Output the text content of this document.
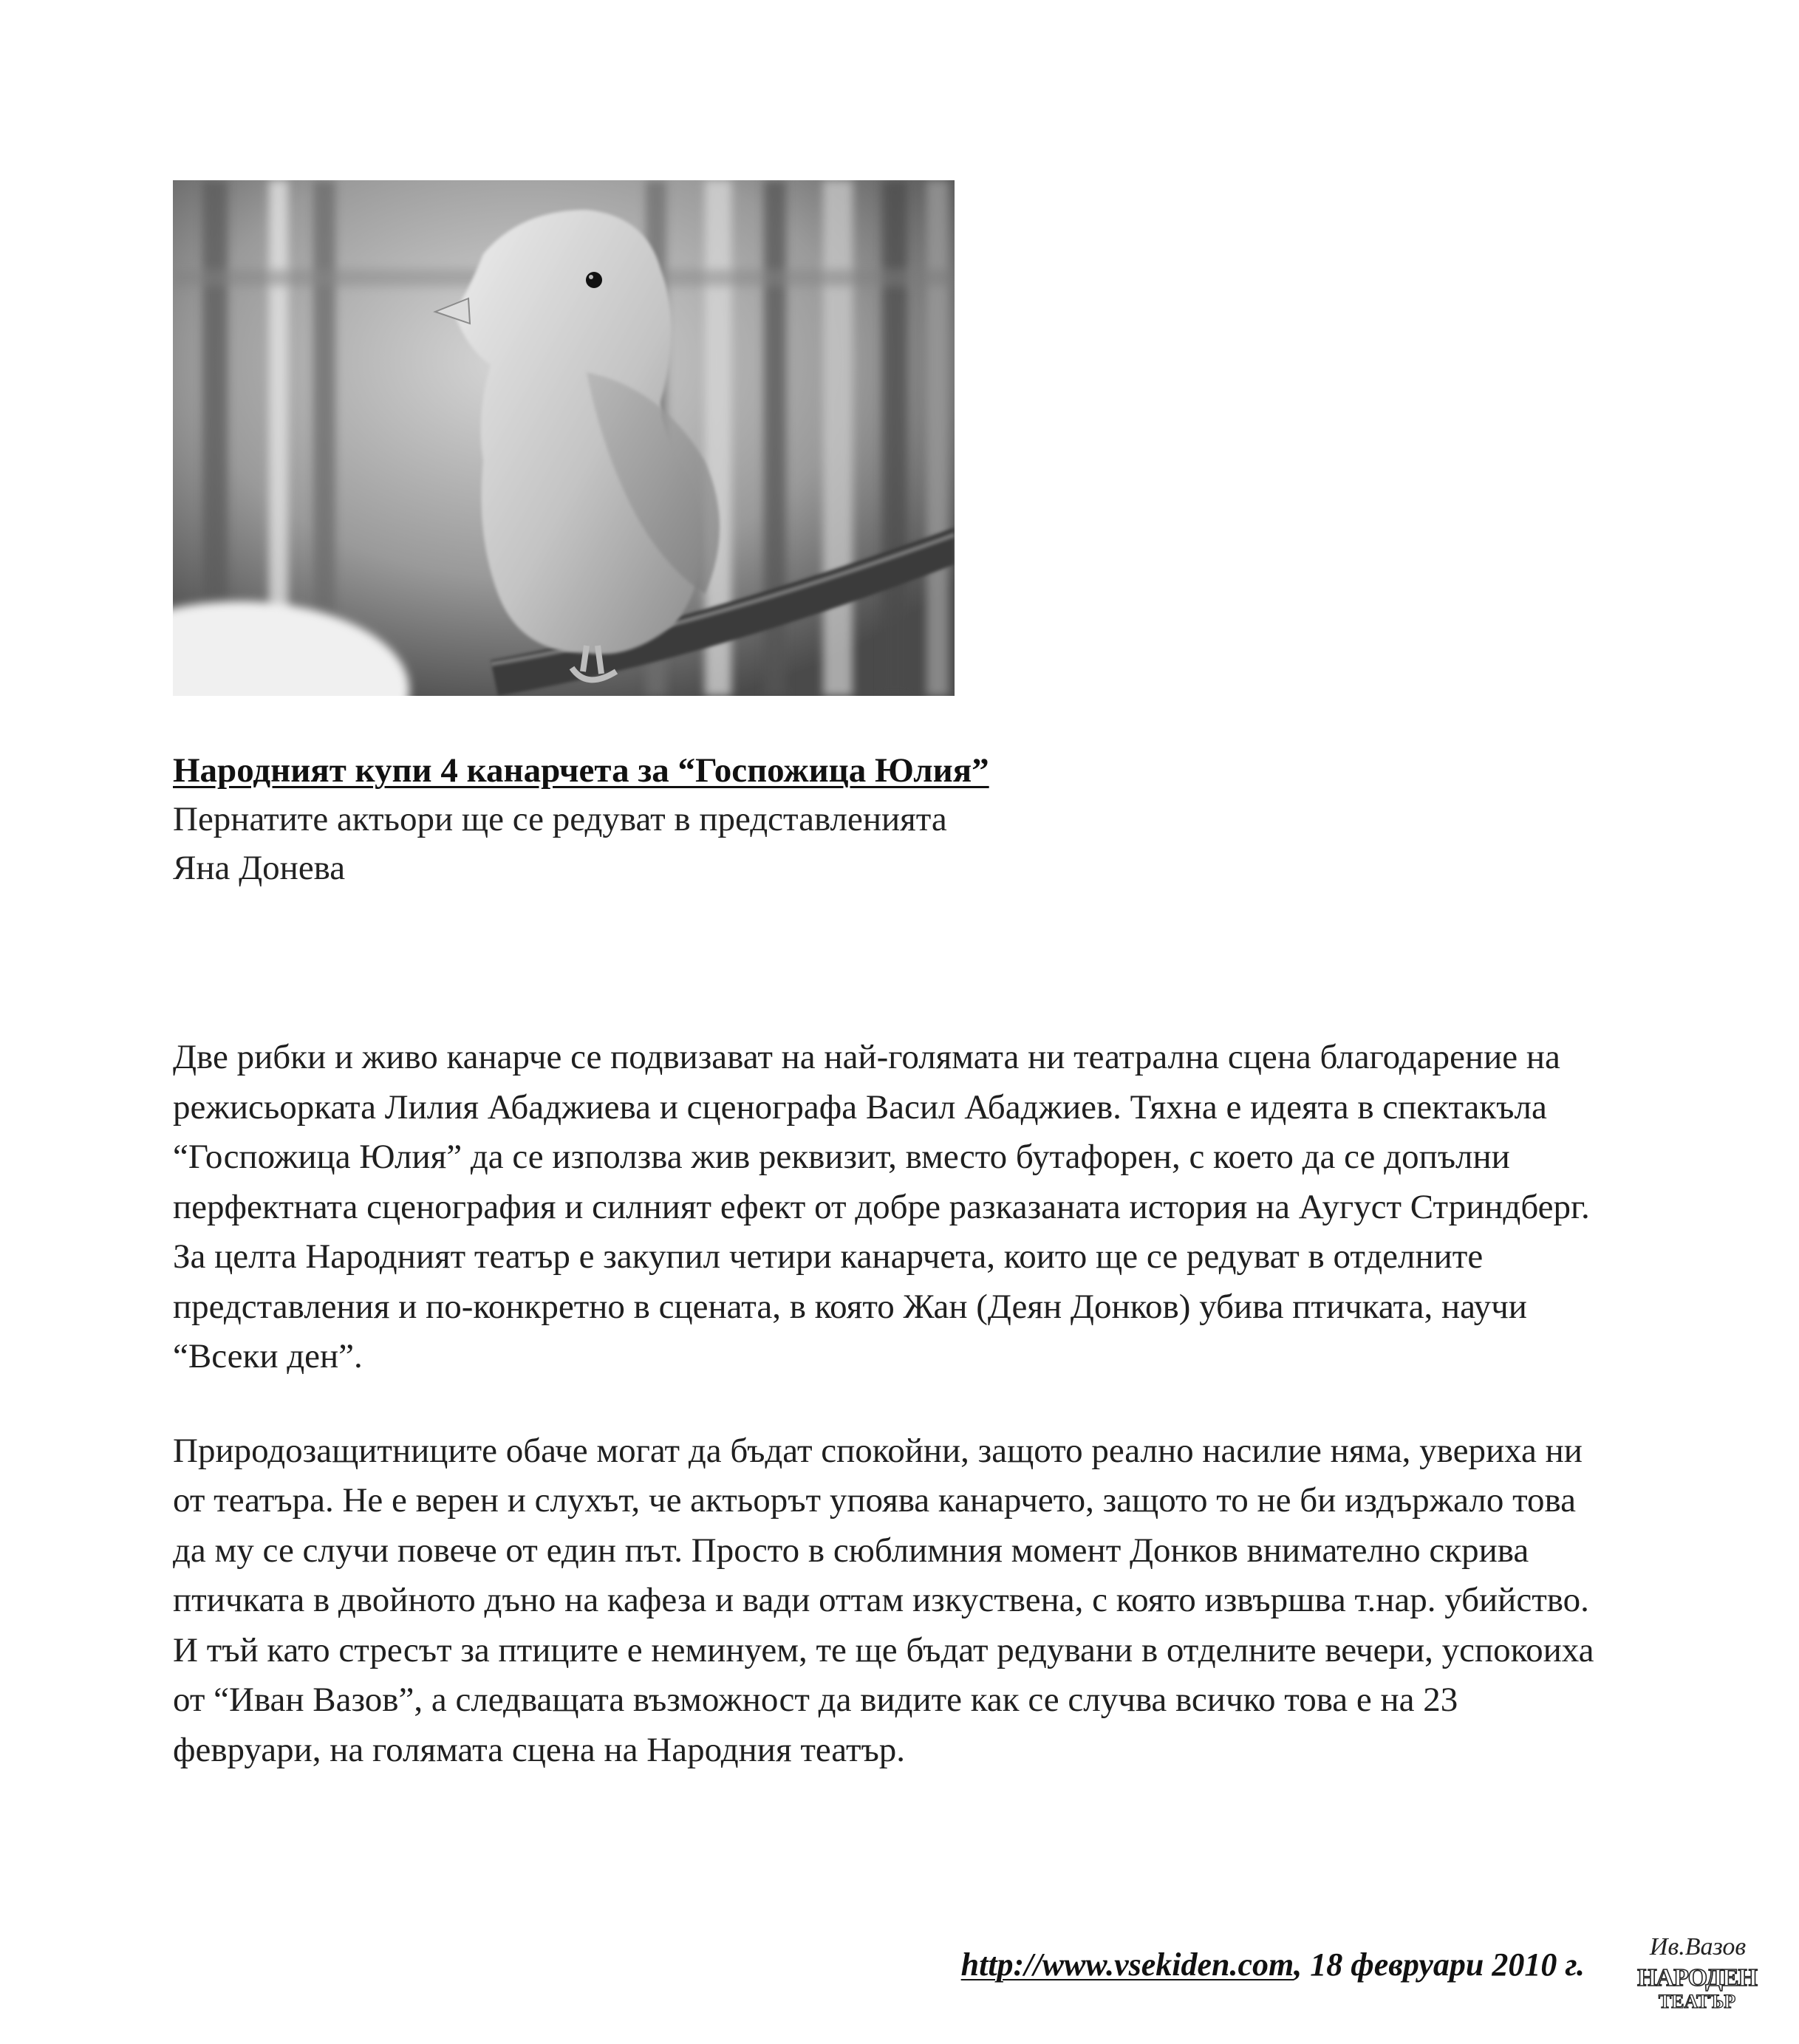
Народният купи 4 канарчета за “Госпожица Юлия”

Пернатите актьори ще се редуват в представленията

Яна Донева

Две рибки и живо канарче се подвизават на най-голямата ни театрална сцена благодарение на режисьорката Лилия Абаджиева и сценографа Васил Абаджиев. Тяхна е идеята в спектакъла “Госпожица Юлия” да се използва жив реквизит, вместо бутафорен, с което да се допълни перфектната сценография и силният ефект от добре разказаната история на Аугуст Стриндберг. За целта Народният театър е закупил четири канарчета, които ще се редуват в отделните представления и по-конкретно в сцената, в която Жан (Деян Донков) убива птичката, научи “Всеки ден”.

Природозащитниците обаче могат да бъдат спокойни, защото реално насилие няма, увериха ни от театъра. Не е верен и слухът, че актьорът упоява канарчето, защото то не би издържало това да му се случи повече от един път. Просто в сюблимния момент Донков внимателно скрива птичката в двойното дъно на кафеза и вади оттам изкуствена, с която извършва т.нар. убийство. И тъй като стресът за птиците е неминуем, те ще бъдат редувани в отделните вечери, успокоиха от “Иван Вазов”, а следващата възможност да видите как се случва всичко това е на 23 февруари, на голямата сцена на Народния театър.

http://www.vsekiden.com, 18 февруари 2010 г.	Ив.Вазов
НАРОДЕН
ТЕАТЪР
